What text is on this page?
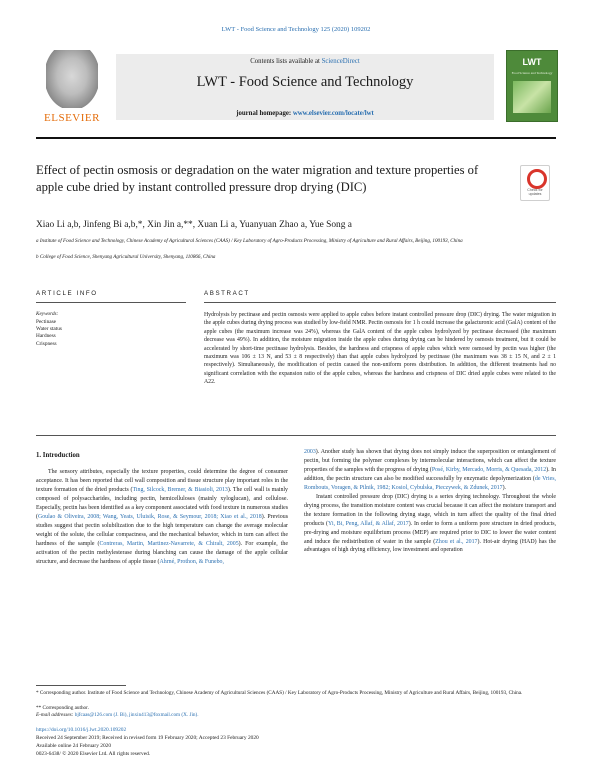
LWT - Food Science and Technology 125 (2020) 109202
ELSEVIER
Contents lists available at ScienceDirect
LWT - Food Science and Technology
journal homepage: www.elsevier.com/locate/lwt
LWT
Food Science and Technology
Effect of pectin osmosis or degradation on the water migration and texture properties of apple cube dried by instant controlled pressure drop drying (DIC)	Check for updates
Xiao Li a,b, Jinfeng Bi a,b,*, Xin Jin a,**, Xuan Li a, Yuanyuan Zhao a, Yue Song a
a Institute of Food Science and Technology, Chinese Academy of Agricultural Sciences (CAAS) / Key Laboratory of Agro-Products Processing, Ministry of Agriculture and Rural Affairs, Beijing, 100193, China
b College of Food Science, Shenyang Agricultural University, Shenyang, 110866, China
ARTICLE INFO	ABSTRACT
Keywords:
Pectinase
Water status
Hardness
Crispness
Hydrolysis by pectinase and pectin osmosis were applied to apple cubes before instant controlled pressure drop (DIC) drying. The water migration in the apple cubes during drying process was studied by low-field NMR. Pectin osmosis for 1 h could increase the galacturonic acid (GalA) content of the apple cubes (the maximum increase was 24%), whereas the GalA content of the apple cubes hydrolyzed by pectinase decreased (the maximum decrease was 49%). In addition, the moisture migration inside the apple cubes during drying can be hindered by osmosis treatment, but it could be accelerated by short-time pectinase hydrolysis. Besides, the hardness and crispness of apple cubes which were osmosed by pectin was higher (the maximum was 106 ± 13 N, and 53 ± 8 respectively) than that apple cubes hydrolyzed by pectinase (the maximum was 38 ± 15 N, and 2 ± 1 respectively). Simultaneously, the modification of pectin caused the non-uniform pores distribution. In addition, the different treatments had no significant correlation with the expansion ratio of the apple cubes, whereas the hardness and crispness of DIC dried apple cubes were related to the A22.
1. Introduction

The sensory attributes, especially the texture properties, could determine the degree of consumer acceptance. It has been reported that cell wall composition and tissue structure play important roles in the texture formation of the dried products (Ting, Silcock, Bremer, & Biasioli, 2013). The cell wall is mainly composed of polysaccharides, including pectin, hemicelluloses (mainly xyloglucan), and cellulose. Especially, pectin has been identified as a key component associated with food texture in numerous studies (Goulao & Oliveira, 2008; Wang, Yeats, Uluisik, Rose, & Seymour, 2018; Xiao et al., 2018). Previous studies suggest that pectin solubilization due to the high temperature can change the average molecular weight of the solute, the cellular compactness, and the mechanical behavior, which in turn can affect the hardness of the sample (Contreras, Martin, Martinez-Navarrete, & Chiralt, 2005). For example, the activation of the pectin methylesterase during blanching can cause the damage of the apple cellular structure, and decrease the hardness of apple tissue (Ahrné, Prothon, & Funebo,

2003). Another study has shown that drying does not simply induce the superposition or entanglement of pectin, but forming the polymer complexes by intermolecular interactions, which can affect the texture properties of the samples with the progress of drying (Posé, Kirby, Mercado, Morris, & Quesada, 2012). In addition, the pectin structure can also be modified successfully by enzymatic depolymerization (de Vries, Rombouts, Voragen, & Pilnik, 1982; Kosiol, Cybulska, Pieczywek, & Zdunek, 2017).

Instant controlled pressure drop (DIC) drying is a series drying technology. Throughout the whole drying process, the transition moisture content was crucial because it can affect the moisture transport and the texture formation in the following drying stage, which in turn affect the quality of the final dried products (Yi, Bi, Peng, Allaf, & Allaf, 2017). In order to form a uniform pore structure in dried products, pre-drying and moisture equilibrium process (MEP) are required prior to DIC to lower the water content and induce the redistribution of water in the sample (Zhou et al., 2017). Hot-air drying (HAD) has the advantages of high drying efficiency, low investment and operation

* Corresponding author. Institute of Food Science and Technology, Chinese Academy of Agricultural Sciences (CAAS) / Key Laboratory of Agro-Products Processing, Ministry of Agriculture and Rural Affairs, Beijing, 100193, China.
** Corresponding author.
E-mail addresses: bjfcaas@126.com (J. Bi), jinxin413@foxmail.com (X. Jin).
https://doi.org/10.1016/j.lwt.2020.109202
Received 24 September 2019; Received in revised form 19 February 2020; Accepted 23 February 2020
Available online 24 February 2020
0023-6438/ © 2020 Elsevier Ltd. All rights reserved.
